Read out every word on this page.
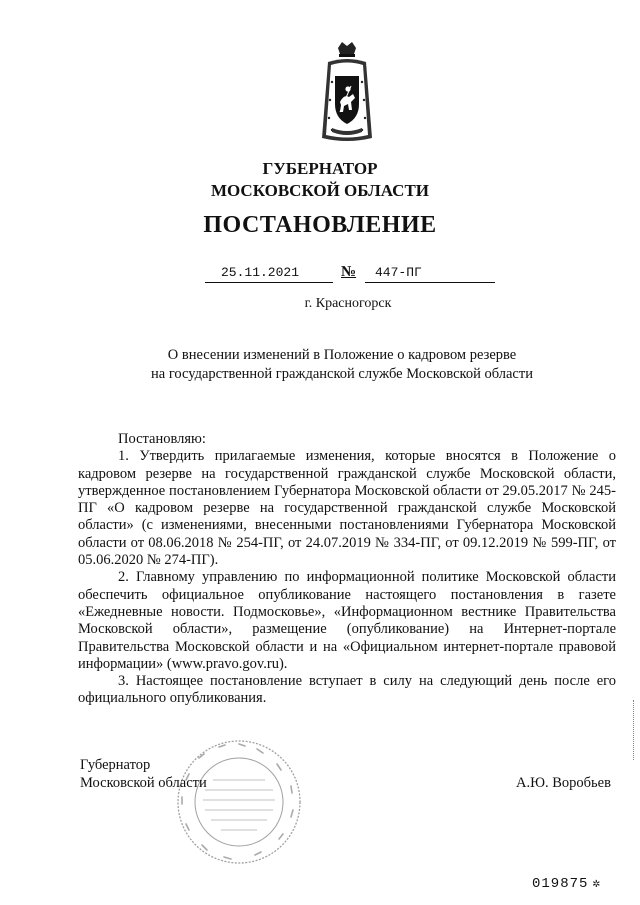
ГУБЕРНАТОР
МОСКОВСКОЙ ОБЛАСТИ
ПОСТАНОВЛЕНИЕ
25.11.2021	№ 447-ПГ
г. Красногорск
О внесении изменений в Положение о кадровом резерве
на государственной гражданской службе Московской области

Постановляю:

1. Утвердить прилагаемые изменения, которые вносятся в Положение о кадровом резерве на государственной гражданской службе Московской области, утвержденное постановлением Губернатора Московской области от 29.05.2017 № 245-ПГ «О кадровом резерве на государственной гражданской службе Московской области» (с изменениями, внесенными постановлениями Губернатора Московской области от 08.06.2018 № 254-ПГ, от 24.07.2019 № 334-ПГ, от 09.12.2019 № 599-ПГ, от 05.06.2020 № 274-ПГ).

2. Главному управлению по информационной политике Московской области обеспечить официальное опубликование настоящего постановления в газете «Ежедневные новости. Подмосковье», «Информационном вестнике Правительства Московской области», размещение (опубликование) на Интернет-портале Правительства Московской области и на «Официальном интернет-портале правовой информации» (www.pravo.gov.ru).

3. Настоящее постановление вступает в силу на следующий день после его официального опубликования.

Губернатор
Московской области	А.Ю. Воробьев
019875 ✲
